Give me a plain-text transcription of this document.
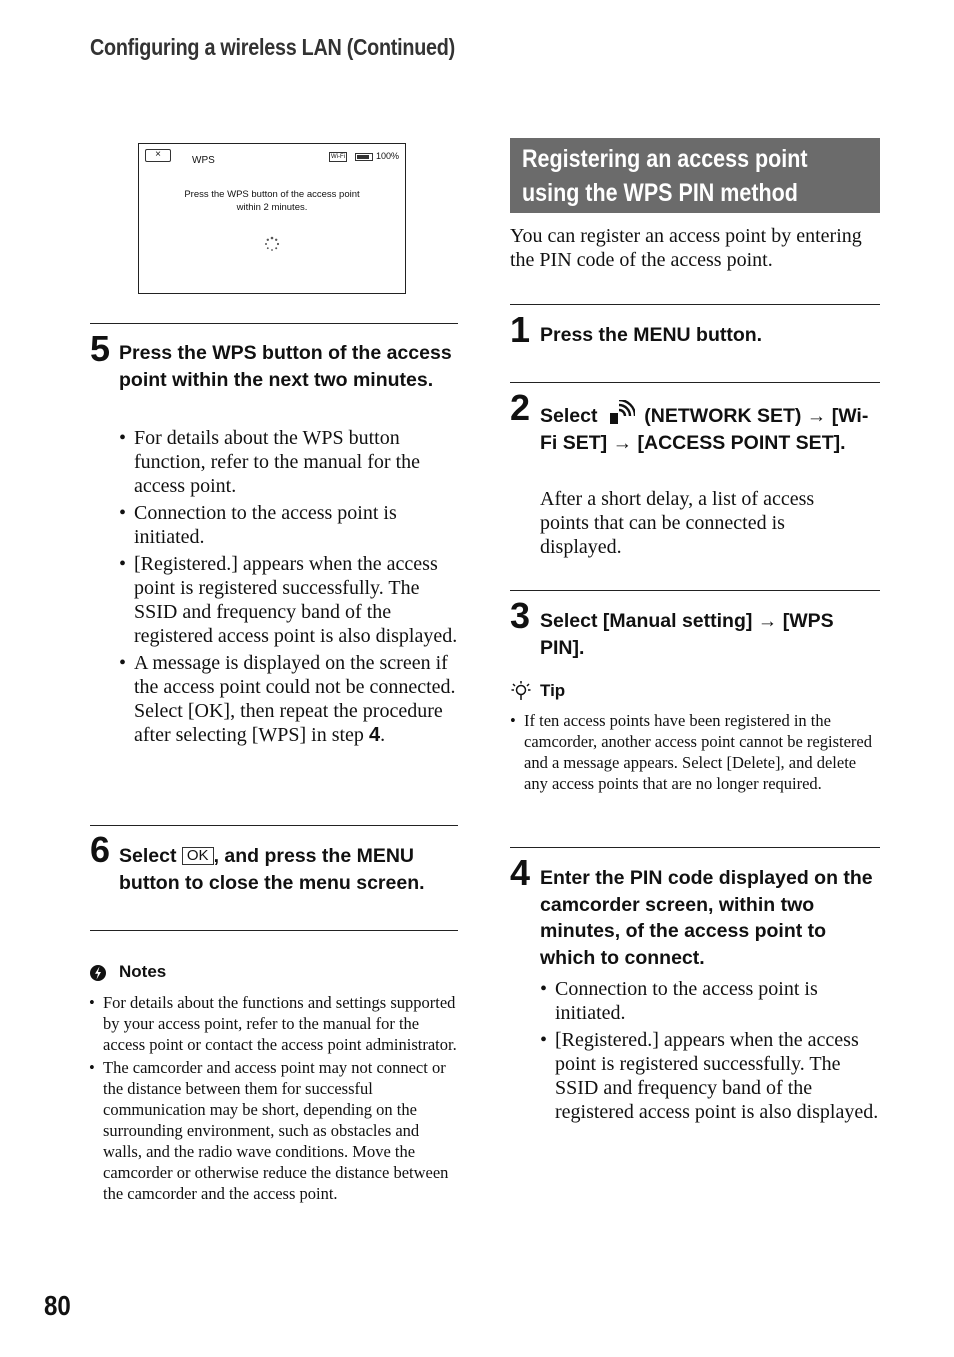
Configuring a wireless LAN (Continued)
×
WPS	Wi-Fi	100%
Press the WPS button of the access point
within 2 minutes.
5 Press the WPS button of the access point within the next two minutes.
• For details about the WPS button function, refer to the manual for the access point.
• Connection to the access point is initiated.
• [Registered.] appears when the access point is registered successfully. The SSID and frequency band of the registered access point is also displayed.
• A message is displayed on the screen if the access point could not be connected. Select [OK], then repeat the procedure after selecting [WPS] in step 4.
6 Select OK , and press the MENU button to close the menu screen.
Notes
• For details about the functions and settings supported by your access point, refer to the manual for the access point or contact the access point administrator.
• The camcorder and access point may not connect or the distance between them for successful communication may be short, depending on the surrounding environment, such as obstacles and walls, and the radio wave conditions. Move the camcorder or otherwise reduce the distance between the camcorder and the access point.
Registering an access point
using the WPS PIN method
You can register an access point by entering the PIN code of the access point.
1 Press the MENU button.
2 Select  (NETWORK SET) → [Wi-Fi SET] → [ACCESS POINT SET].
After a short delay, a list of access points that can be connected is displayed.
3 Select [Manual setting] → [WPS PIN].
Tip
• If ten access points have been registered in the camcorder, another access point cannot be registered and a message appears. Select [Delete], and delete any access points that are no longer required.
4 Enter the PIN code displayed on the camcorder screen, within two minutes, of the access point to which to connect.
• Connection to the access point is initiated.
• [Registered.] appears when the access point is registered successfully. The SSID and frequency band of the registered access point is also displayed.
80
